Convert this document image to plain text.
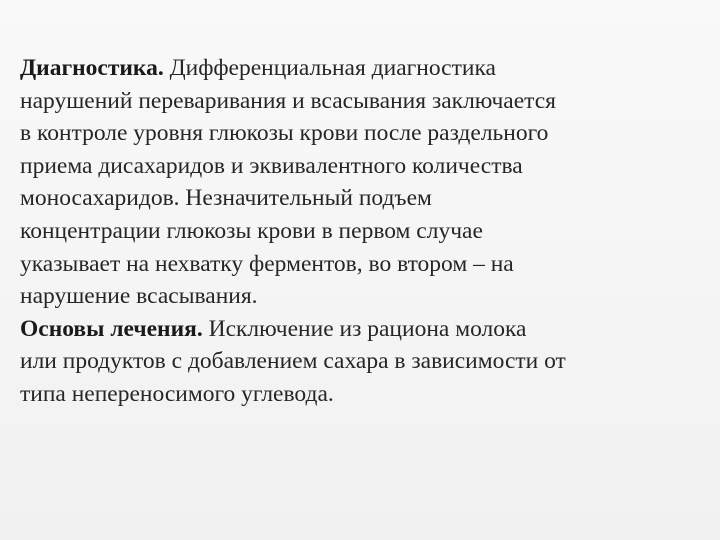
Диагностика. Дифференциальная диагностика
нарушений переваривания и всасывания заключается
в контроле уровня глюкозы крови после раздельного
приема дисахаридов и эквивалентного количества
моносахаридов. Незначительный подъем
концентрации глюкозы крови в первом случае
указывает на нехватку ферментов, во втором – на
нарушение всасывания.
Основы лечения. Исключение из рациона молока
или продуктов с добавлением сахара в зависимости от
типа непереносимого углевода.
